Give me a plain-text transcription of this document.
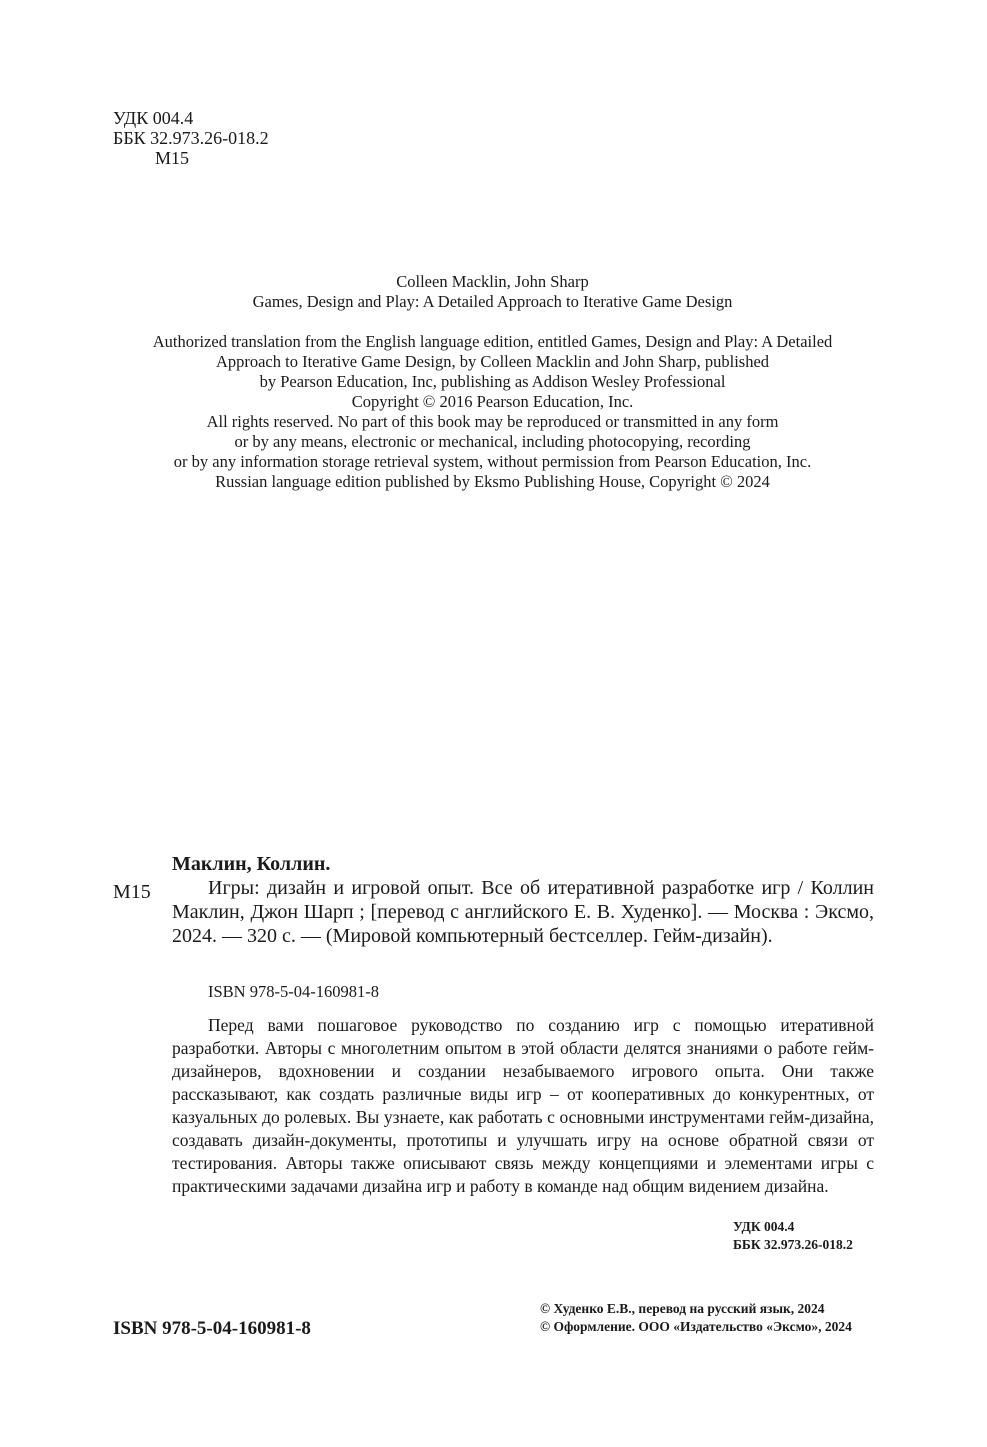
УДК 004.4
ББК 32.973.26-018.2
М15
Colleen Macklin, John Sharp
Games, Design and Play: A Detailed Approach to Iterative Game Design
Authorized translation from the English language edition, entitled Games, Design and Play: A Detailed
Approach to Iterative Game Design, by Colleen Macklin and John Sharp, published
by Pearson Education, Inc, publishing as Addison Wesley Professional
Copyright © 2016 Pearson Education, Inc.
All rights reserved. No part of this book may be reproduced or transmitted in any form
or by any means, electronic or mechanical, including photocopying, recording
or by any information storage retrieval system, without permission from Pearson Education, Inc.
Russian language edition published by Eksmo Publishing House, Copyright © 2024
Маклин, Коллин.
М15	Игры: дизайн и игровой опыт. Все об итеративной разработке игр / Коллин Маклин, Джон Шарп ; [перевод с английского Е. В. Худенко]. — Москва : Эксмо, 2024. — 320 с. — (Мировой компьютерный бестселлер. Гейм-дизайн).
ISBN 978-5-04-160981-8
Перед вами пошаговое руководство по созданию игр с помощью итеративной разработки. Авторы с многолетним опытом в этой области делятся знаниями о работе гейм-дизайнеров, вдохновении и создании незабываемого игрового опыта. Они также рассказывают, как создать различные виды игр – от кооперативных до конкурентных, от казуальных до ролевых. Вы узнаете, как работать с основными инструментами гейм-дизайна, создавать дизайн-документы, прототипы и улучшать игру на основе обратной связи от тестирования. Авторы также описывают связь между концепциями и элементами игры с практическими задачами дизайна игр и работу в команде над общим видением дизайна.
УДК 004.4
ББК 32.973.26-018.2
ISBN 978-5-04-160981-8
© Худенко Е.В., перевод на русский язык, 2024
© Оформление. ООО «Издательство «Эксмо», 2024
